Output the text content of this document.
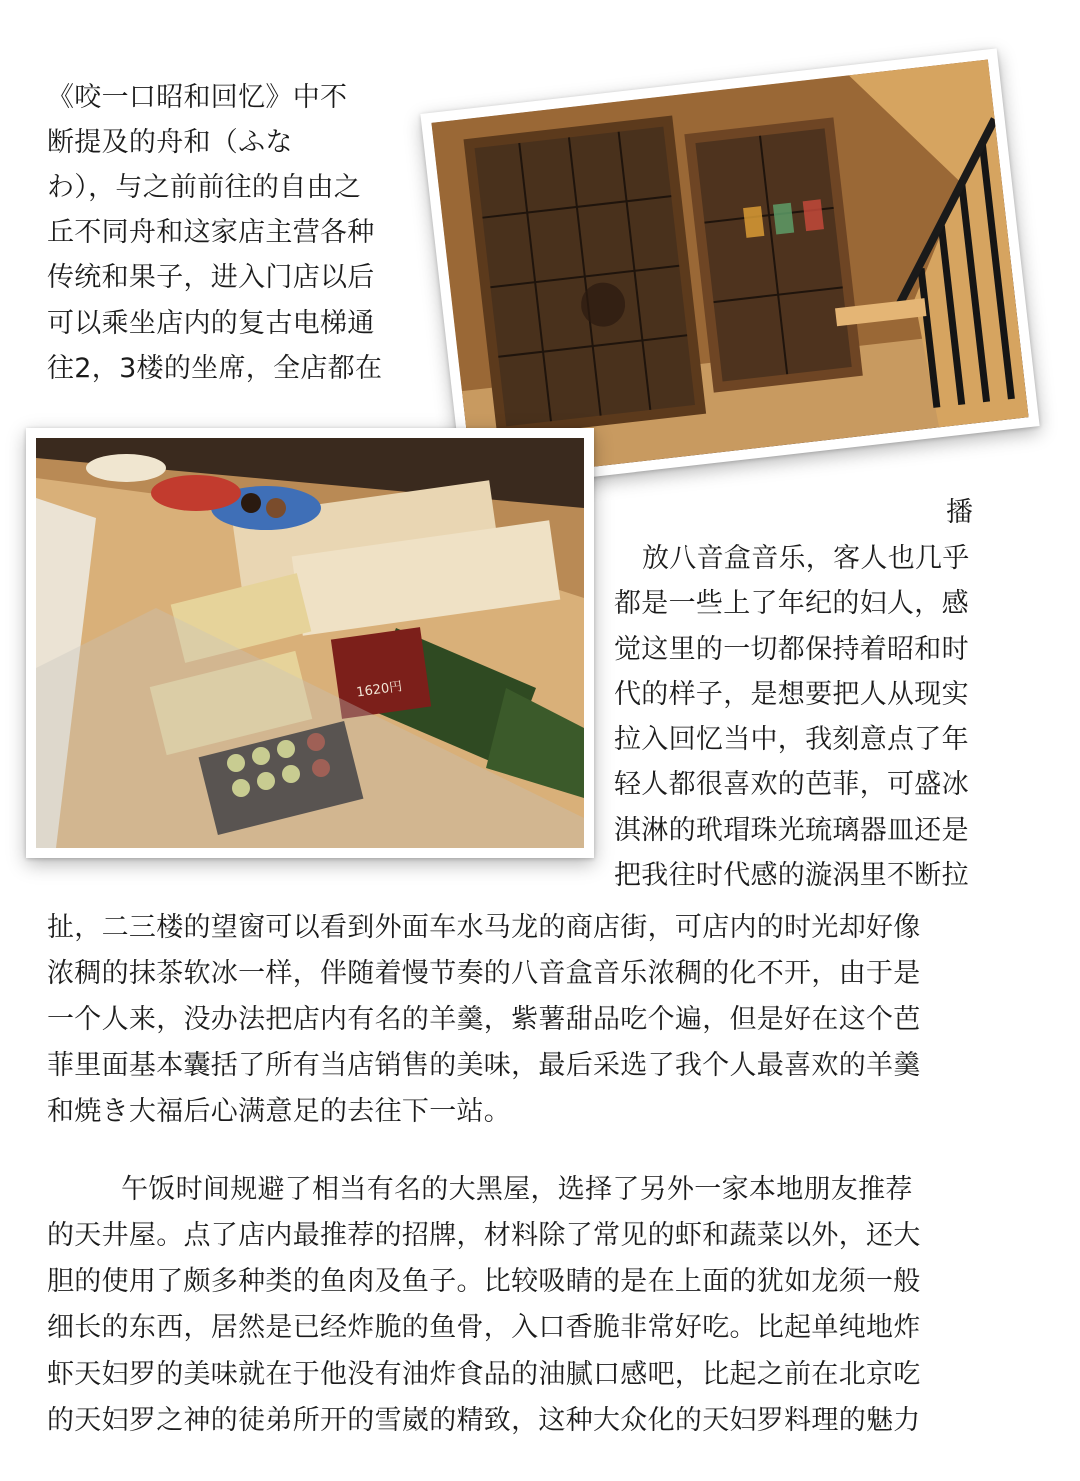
1620円
《咬一口昭和回忆》中不
断提及的舟和（ふな
わ），与之前前往的自由之
丘不同舟和这家店主营各种
传统和果子，进入门店以后
可以乘坐店内的复古电梯通
往2，3楼的坐席，全店都在
播
放八音盒音乐，客人也几乎
都是一些上了年纪的妇人，感
觉这里的一切都保持着昭和时
代的样子，是想要把人从现实
拉入回忆当中，我刻意点了年
轻人都很喜欢的芭菲，可盛冰
淇淋的玳瑁珠光琉璃器皿还是
把我往时代感的漩涡里不断拉
扯，二三楼的望窗可以看到外面车水马龙的商店街，可店内的时光却好像
浓稠的抹茶软冰一样，伴随着慢节奏的八音盒音乐浓稠的化不开，由于是
一个人来，没办法把店内有名的羊羹，紫薯甜品吃个遍，但是好在这个芭
菲里面基本囊括了所有当店销售的美味，最后采选了我个人最喜欢的羊羹
和焼き大福后心满意足的去往下一站。
午饭时间规避了相当有名的大黑屋，选择了另外一家本地朋友推荐
的天井屋。点了店内最推荐的招牌，材料除了常见的虾和蔬菜以外，还大
胆的使用了颇多种类的鱼肉及鱼子。比较吸睛的是在上面的犹如龙须一般
细长的东西，居然是已经炸脆的鱼骨，入口香脆非常好吃。比起单纯地炸
虾天妇罗的美味就在于他没有油炸食品的油腻口感吧，比起之前在北京吃
的天妇罗之神的徒弟所开的雪崴的精致，这种大众化的天妇罗料理的魅力
